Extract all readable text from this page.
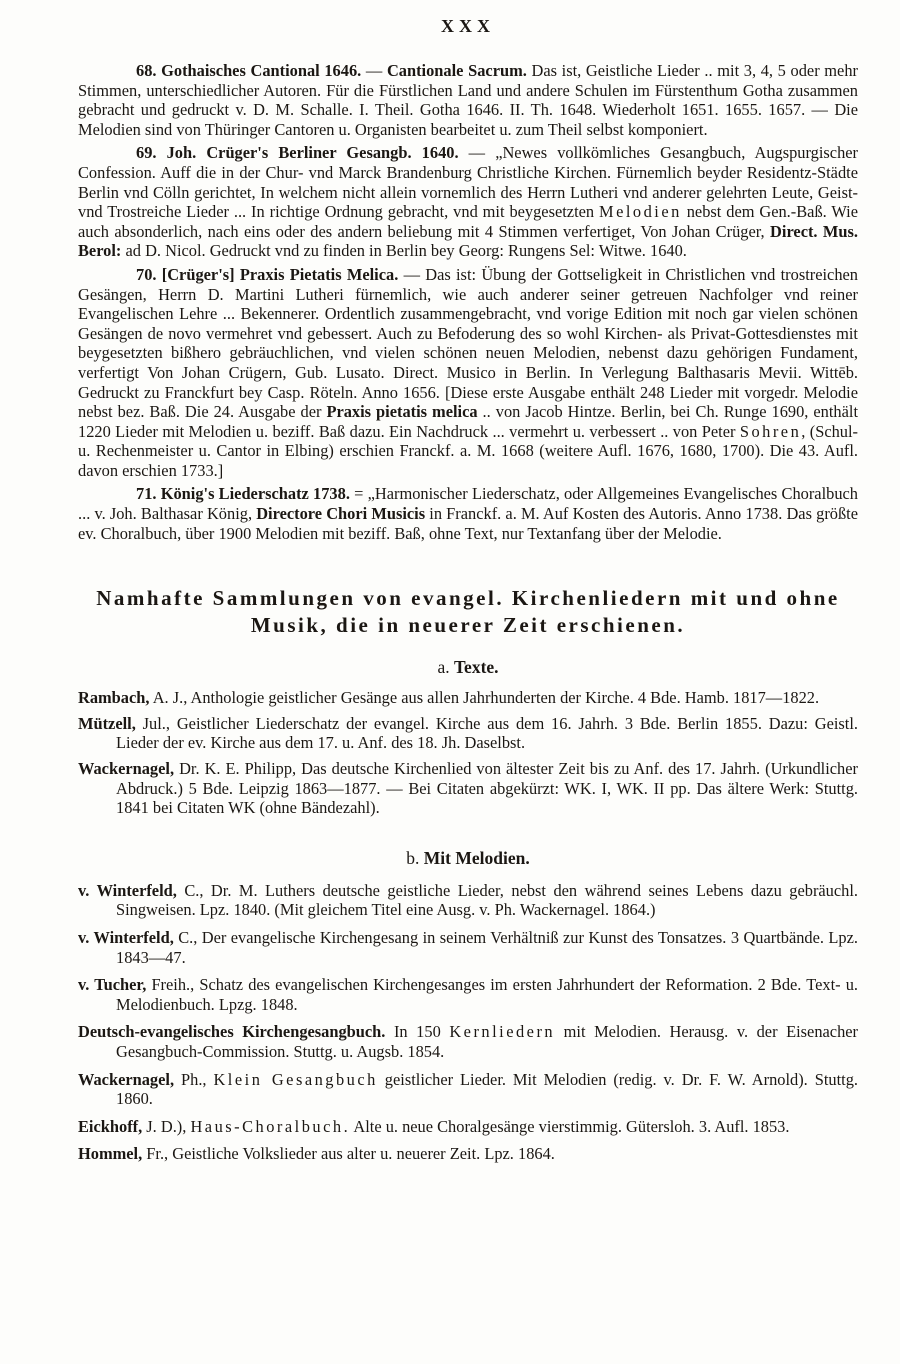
XXX

68. Gothaisches Cantional 1646. — Cantionale Sacrum. Das ist, Geistliche Lieder .. mit 3, 4, 5 oder mehr Stimmen, unterschiedlicher Autoren. Für die Fürstlichen Land und andere Schulen im Fürstenthum Gotha zusammen gebracht und gedruckt v. D. M. Schalle. I. Theil. Gotha 1646. II. Th. 1648. Wiederholt 1651. 1655. 1657. — Die Melodien sind von Thüringer Cantoren u. Organisten bearbeitet u. zum Theil selbst komponiert.

69. Joh. Crüger's Berliner Gesangb. 1640. — „Newes vollkömliches Gesangbuch, Augspurgischer Confession. Auff die in der Chur- vnd Marck Brandenburg Christliche Kirchen. Fürnemlich beyder Residentz-Städte Berlin vnd Cölln gerichtet, In welchem nicht allein vornemlich des Herrn Lutheri vnd anderer gelehrten Leute, Geist- vnd Trostreiche Lieder ... In richtige Ordnung gebracht, vnd mit beygesetzten Melodien nebst dem Gen.-Baß. Wie auch absonderlich, nach eins oder des andern beliebung mit 4 Stimmen verfertiget, Von Johan Crüger, Direct. Mus. Berol: ad D. Nicol. Gedruckt vnd zu finden in Berlin bey Georg: Rungens Sel: Witwe. 1640.

70. [Crüger's] Praxis Pietatis Melica. — Das ist: Übung der Gottseligkeit in Christlichen vnd trostreichen Gesängen, Herrn D. Martini Lutheri fürnemlich, wie auch anderer seiner getreuen Nachfolger vnd reiner Evangelischen Lehre ... Bekennerer. Ordentlich zusammengebracht, vnd vorige Edition mit noch gar vielen schönen Gesängen de novo vermehret vnd gebessert. Auch zu Befoderung des so wohl Kirchen- als Privat-Gottesdienstes mit beygesetzten bißhero gebräuchlichen, vnd vielen schönen neuen Melodien, nebenst dazu gehörigen Fundament, verfertigt Von Johan Crügern, Gub. Lusato. Direct. Musico in Berlin. In Verlegung Balthasaris Mevii. Wittēb. Gedruckt zu Franckfurt bey Casp. Röteln. Anno 1656. [Diese erste Ausgabe enthält 248 Lieder mit vorgedr. Melodie nebst bez. Baß. Die 24. Ausgabe der Praxis pietatis melica .. von Jacob Hintze. Berlin, bei Ch. Runge 1690, enthält 1220 Lieder mit Melodien u. beziff. Baß dazu. Ein Nachdruck ... vermehrt u. verbessert .. von Peter Sohren, (Schul- u. Rechenmeister u. Cantor in Elbing) erschien Franckf. a. M. 1668 (weitere Aufl. 1676, 1680, 1700). Die 43. Aufl. davon erschien 1733.]

71. König's Liederschatz 1738. = „Harmonischer Liederschatz, oder Allgemeines Evangelisches Choralbuch ... v. Joh. Balthasar König, Directore Chori Musicis in Franckf. a. M. Auf Kosten des Autoris. Anno 1738. Das größte ev. Choralbuch, über 1900 Melodien mit beziff. Baß, ohne Text, nur Textanfang über der Melodie.

Namhafte Sammlungen von evangel. Kirchenliedern mit und ohne
Musik, die in neuerer Zeit erschienen.
a. Texte.

Rambach, A. J., Anthologie geistlicher Gesänge aus allen Jahrhunderten der Kirche. 4 Bde. Hamb. 1817—1822.

Mützell, Jul., Geistlicher Liederschatz der evangel. Kirche aus dem 16. Jahrh. 3 Bde. Berlin 1855. Dazu: Geistl. Lieder der ev. Kirche aus dem 17. u. Anf. des 18. Jh. Daselbst.

Wackernagel, Dr. K. E. Philipp, Das deutsche Kirchenlied von ältester Zeit bis zu Anf. des 17. Jahrh. (Urkundlicher Abdruck.) 5 Bde. Leipzig 1863—1877. — Bei Citaten abgekürzt: WK. I, WK. II pp. Das ältere Werk: Stuttg. 1841 bei Citaten WK (ohne Bändezahl).

b. Mit Melodien.

v. Winterfeld, C., Dr. M. Luthers deutsche geistliche Lieder, nebst den während seines Lebens dazu gebräuchl. Singweisen. Lpz. 1840. (Mit gleichem Titel eine Ausg. v. Ph. Wackernagel. 1864.)

v. Winterfeld, C., Der evangelische Kirchengesang in seinem Verhältniß zur Kunst des Tonsatzes. 3 Quartbände. Lpz. 1843—47.

v. Tucher, Freih., Schatz des evangelischen Kirchengesanges im ersten Jahrhundert der Reformation. 2 Bde. Text- u. Melodienbuch. Lpzg. 1848.

Deutsch-evangelisches Kirchengesangbuch. In 150 Kernliedern mit Melodien. Herausg. v. der Eisenacher Gesangbuch-Commission. Stuttg. u. Augsb. 1854.

Wackernagel, Ph., Klein Gesangbuch geistlicher Lieder. Mit Melodien (redig. v. Dr. F. W. Arnold). Stuttg. 1860.

Eickhoff, J. D.), Haus-Choralbuch. Alte u. neue Choralgesänge vierstimmig. Gütersloh. 3. Aufl. 1853.

Hommel, Fr., Geistliche Volkslieder aus alter u. neuerer Zeit. Lpz. 1864.
